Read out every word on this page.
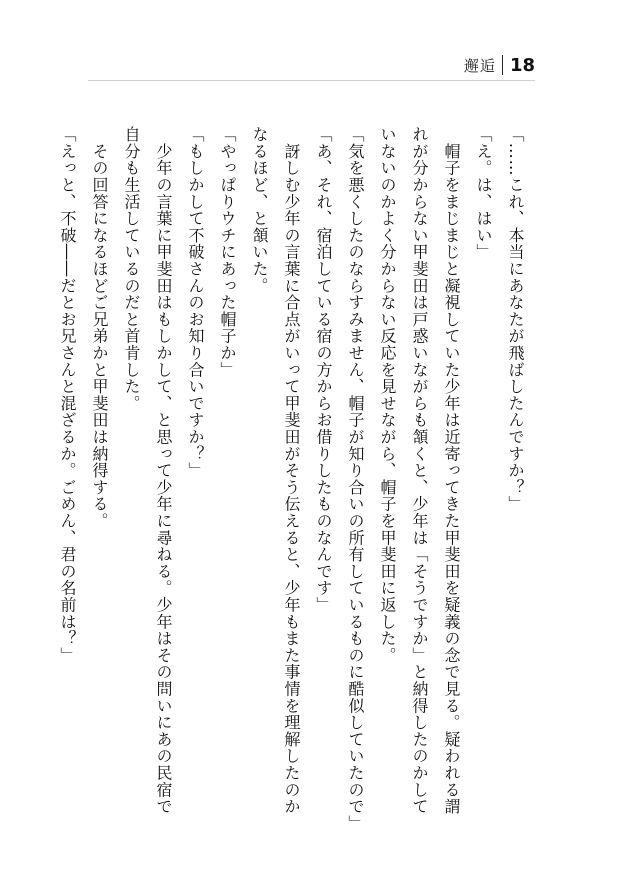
邂逅 18
「……これ、本当にあなたが飛ばしたんですか？」
「え。は、はい」
　帽子をまじまじと凝視していた少年は近寄ってきた甲斐田を疑義の念で見る。疑われる謂
れが分からない甲斐田は戸惑いながらも頷くと、少年は「そうですか」と納得したのかして
いないのかよく分からない反応を見せながら、帽子を甲斐田に返した。
「気を悪くしたのならすみません、帽子が知り合いの所有しているものに酷似していたので」
「あ、それ、宿泊している宿の方からお借りしたものなんです」
　訝しむ少年の言葉に合点がいって甲斐田がそう伝えると、少年もまた事情を理解したのか
なるほど、と頷いた。
「やっぱりウチにあった帽子か」
「もしかして不破さんのお知り合いですか？」
　少年の言葉に甲斐田はもしかして、と思って少年に尋ねる。少年はその問いにあの民宿で
自分も生活しているのだと首肯した。
　その回答になるほどご兄弟かと甲斐田は納得する。
「えっと、不破――だとお兄さんと混ざるか。ごめん、君の名前は？」
